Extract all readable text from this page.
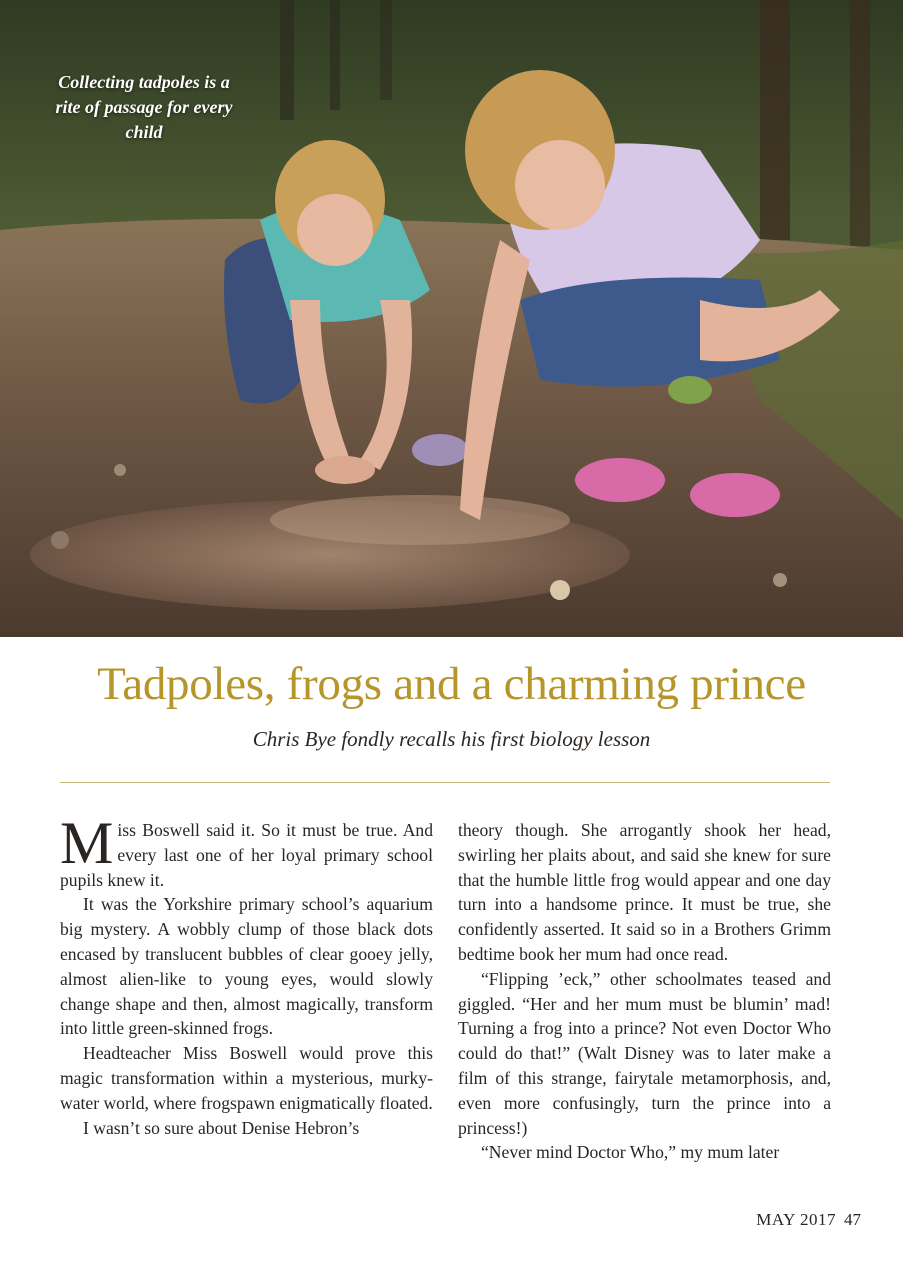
Collecting tadpoles is a rite of passage for every child
Tadpoles, frogs and a charming prince

Chris Bye fondly recalls his first biology lesson

Miss Boswell said it. So it must be true. And every last one of her loyal primary school pupils knew it.

It was the Yorkshire primary school’s aquarium big mystery. A wobbly clump of those black dots encased by translucent bubbles of clear gooey jelly, almost alien-like to young eyes, would slowly change shape and then, almost magically, transform into little green-skinned frogs.

Headteacher Miss Boswell would prove this magic transformation within a mysterious, murky-water world, where frogspawn enigmatically floated.

I wasn’t so sure about Denise Hebron’s

theory though. She arrogantly shook her head, swirling her plaits about, and said she knew for sure that the humble little frog would appear and one day turn into a handsome prince. It must be true, she confidently asserted. It said so in a Brothers Grimm bedtime book her mum had once read.

“Flipping ’eck,” other schoolmates teased and giggled. “Her and her mum must be blumin’ mad! Turning a frog into a prince? Not even Doctor Who could do that!” (Walt Disney was to later make a film of this strange, fairytale metamorphosis, and, even more confusingly, turn the prince into a princess!)

“Never mind Doctor Who,” my mum later

MAY 2017 47
